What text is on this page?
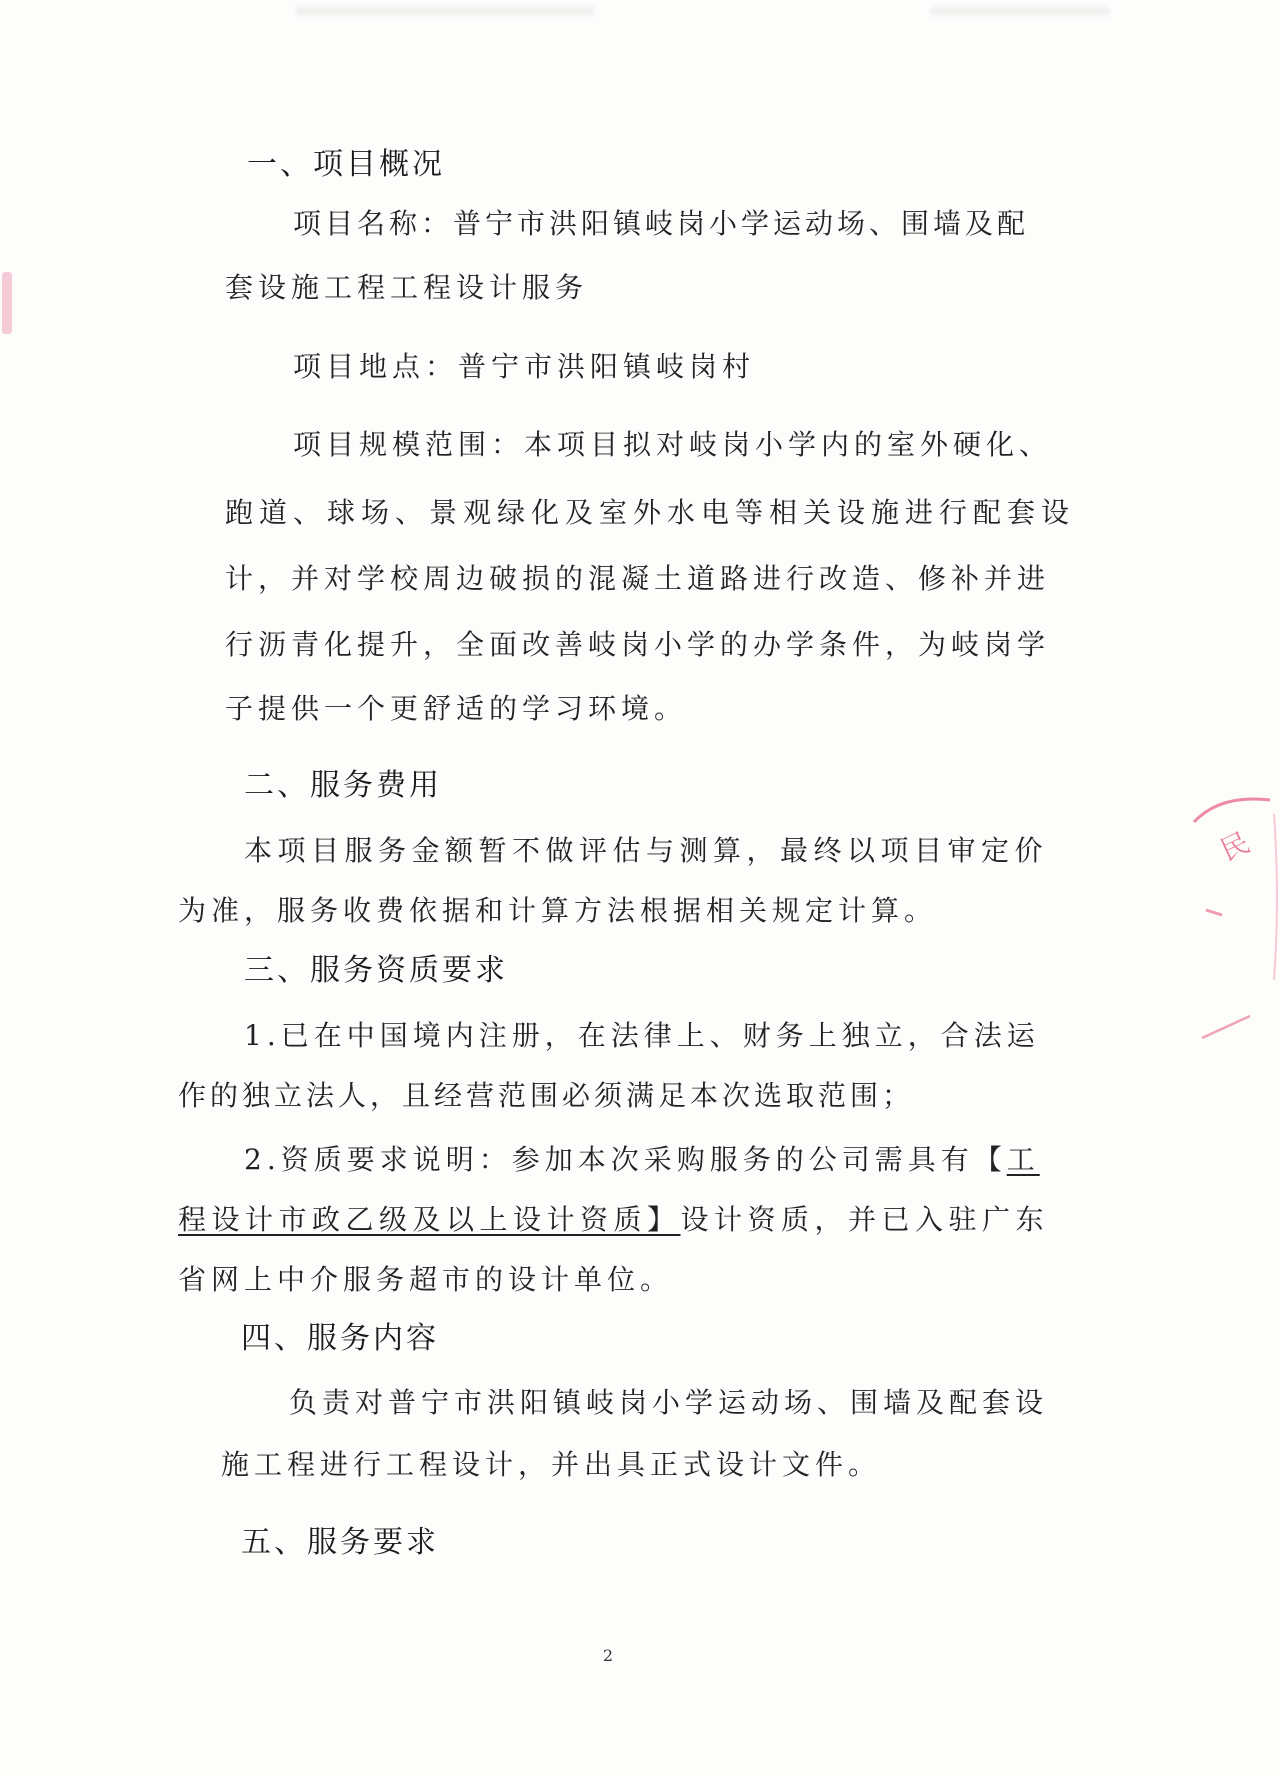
一、项目概况
项目名称：普宁市洪阳镇岐岗小学运动场、围墙及配
套设施工程工程设计服务
项目地点：普宁市洪阳镇岐岗村
项目规模范围：本项目拟对岐岗小学内的室外硬化、
跑道、球场、景观绿化及室外水电等相关设施进行配套设
计，并对学校周边破损的混凝土道路进行改造、修补并进
行沥青化提升，全面改善岐岗小学的办学条件，为岐岗学
子提供一个更舒适的学习环境。
二、服务费用
本项目服务金额暂不做评估与测算，最终以项目审定价
为准，服务收费依据和计算方法根据相关规定计算。
三、服务资质要求
1.已在中国境内注册，在法律上、财务上独立，合法运
作的独立法人，且经营范围必须满足本次选取范围；
2.资质要求说明：参加本次采购服务的公司需具有【工
程设计市政乙级及以上设计资质】设计资质，并已入驻广东
省网上中介服务超市的设计单位。
四、服务内容
负责对普宁市洪阳镇岐岗小学运动场、围墙及配套设
施工程进行工程设计，并出具正式设计文件。
五、服务要求
2
民
